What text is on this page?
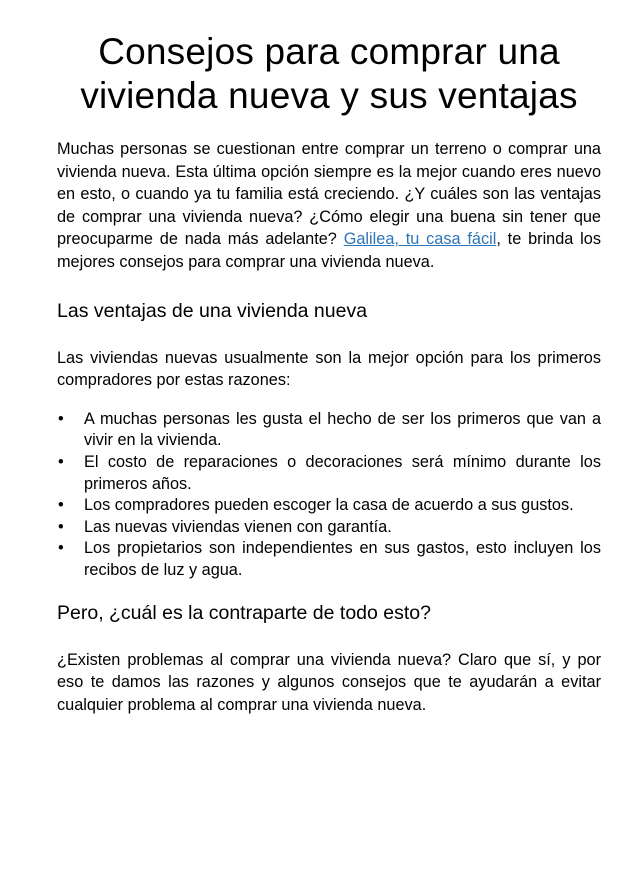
Consejos para comprar una vivienda nueva y sus ventajas

Muchas personas se cuestionan entre comprar un terreno o comprar una vivienda nueva. Esta última opción siempre es la mejor cuando eres nuevo en esto, o cuando ya tu familia está creciendo. ¿Y cuáles son las ventajas de comprar una vivienda nueva? ¿Cómo elegir una buena sin tener que preocuparme de nada más adelante? Galilea, tu casa fácil, te brinda los mejores consejos para comprar una vivienda nueva.

Las ventajas de una vivienda nueva

Las viviendas nuevas usualmente son la mejor opción para los primeros compradores por estas razones:

• A muchas personas les gusta el hecho de ser los primeros que van a vivir en la vivienda.
• El costo de reparaciones o decoraciones será mínimo durante los primeros años.
• Los compradores pueden escoger la casa de acuerdo a sus gustos.
• Las nuevas viviendas vienen con garantía.
• Los propietarios son independientes en sus gastos, esto incluyen los recibos de luz y agua.
Pero, ¿cuál es la contraparte de todo esto?

¿Existen problemas al comprar una vivienda nueva? Claro que sí, y por eso te damos las razones y algunos consejos que te ayudarán a evitar cualquier problema al comprar una vivienda nueva.
